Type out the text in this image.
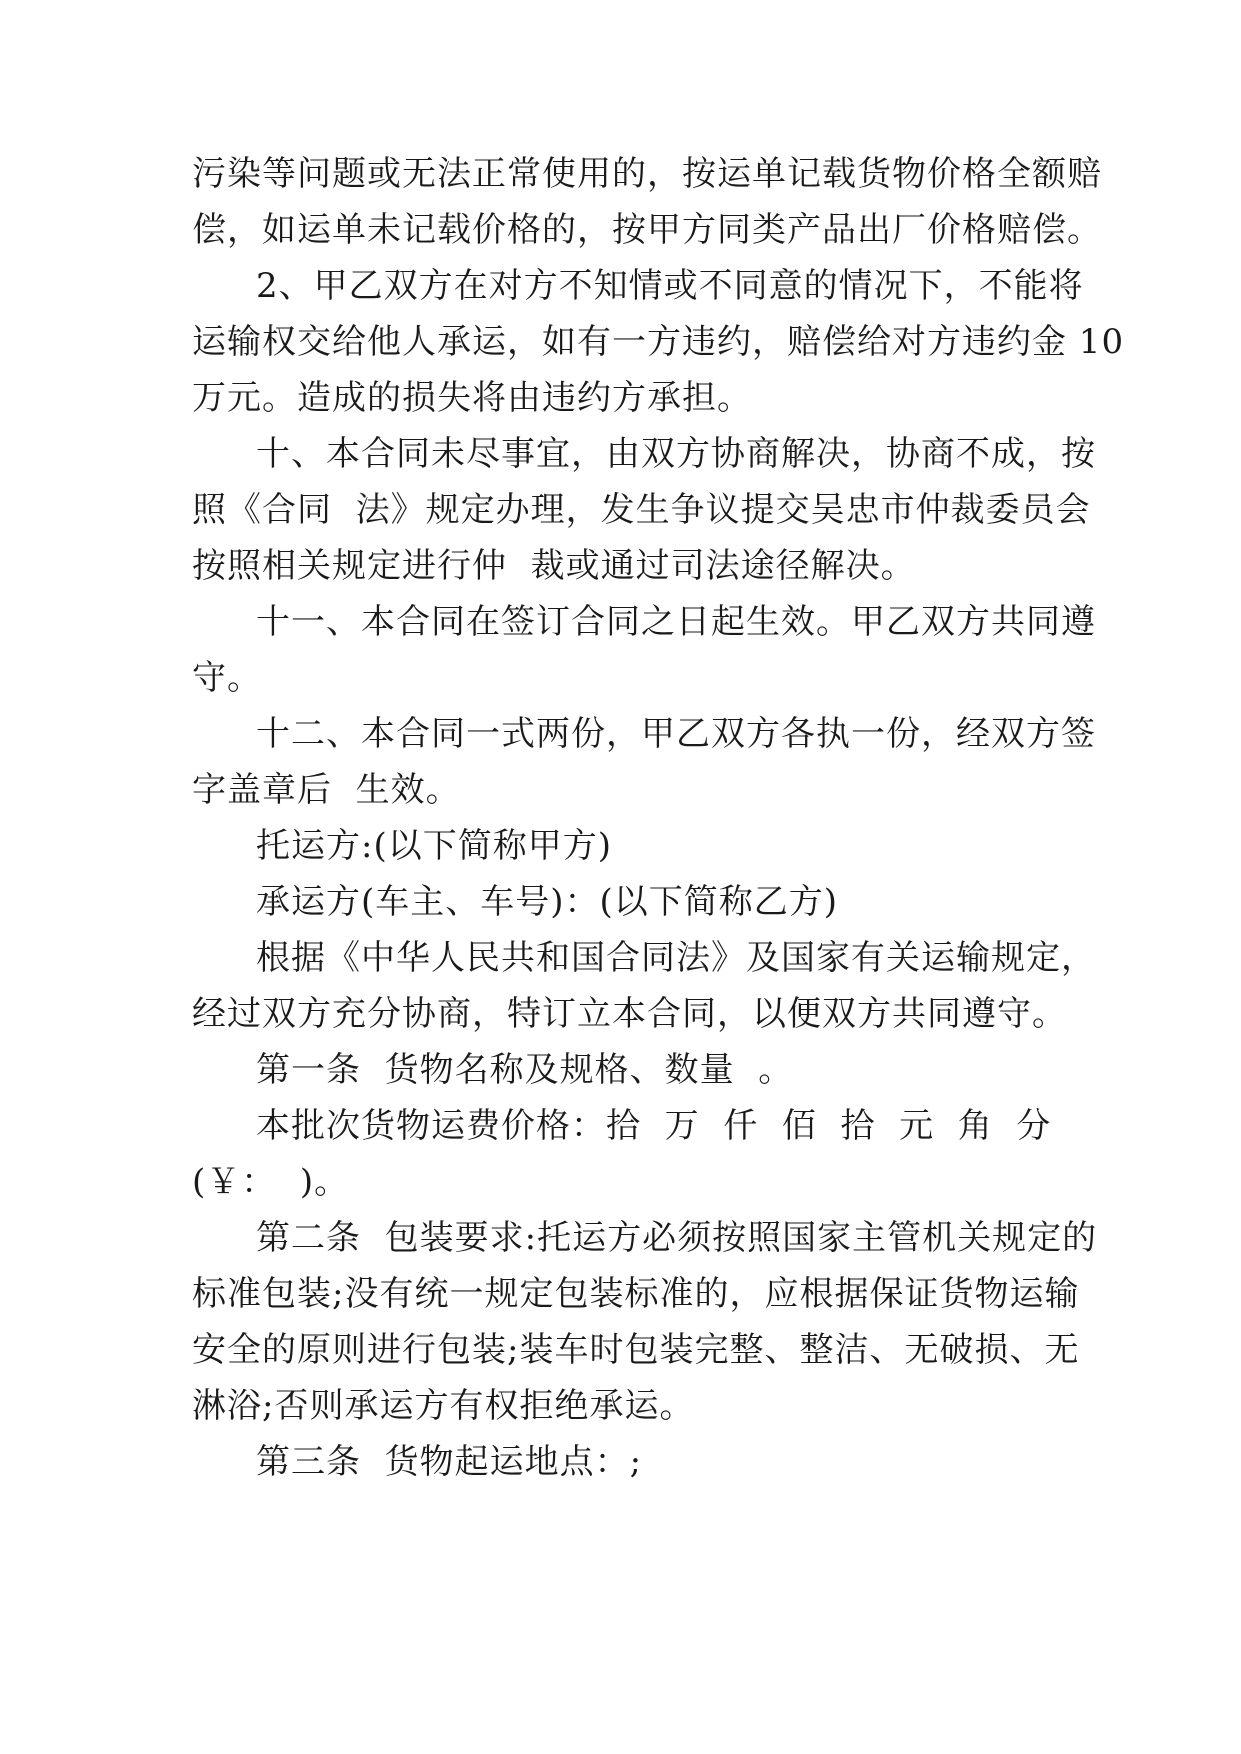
污染等问题或无法正常使用的，按运单记载货物价格全额赔
偿，如运单未记载价格的，按甲方同类产品出厂价格赔偿。
2、甲乙双方在对方不知情或不同意的情况下，不能将
运输权交给他人承运，如有一方违约，赔偿给对方违约金 10
万元。造成的损失将由违约方承担。
十、本合同未尽事宜，由双方协商解决，协商不成，按
照《合同  法》规定办理，发生争议提交吴忠市仲裁委员会
按照相关规定进行仲  裁或通过司法途径解决。
十一、本合同在签订合同之日起生效。甲乙双方共同遵
守。
十二、本合同一式两份，甲乙双方各执一份，经双方签
字盖章后  生效。
托运方:(以下简称甲方)
承运方(车主、车号)：(以下简称乙方)
根据《中华人民共和国合同法》及国家有关运输规定，
经过双方充分协商，特订立本合同，以便双方共同遵守。
第一条  货物名称及规格、数量  。
本批次货物运费价格：拾  万  仟  佰  拾  元  角  分
(￥：  )。
第二条  包装要求:托运方必须按照国家主管机关规定的
标准包装;没有统一规定包装标准的，应根据保证货物运输
安全的原则进行包装;装车时包装完整、整洁、无破损、无
淋浴;否则承运方有权拒绝承运。
第三条  货物起运地点：;
